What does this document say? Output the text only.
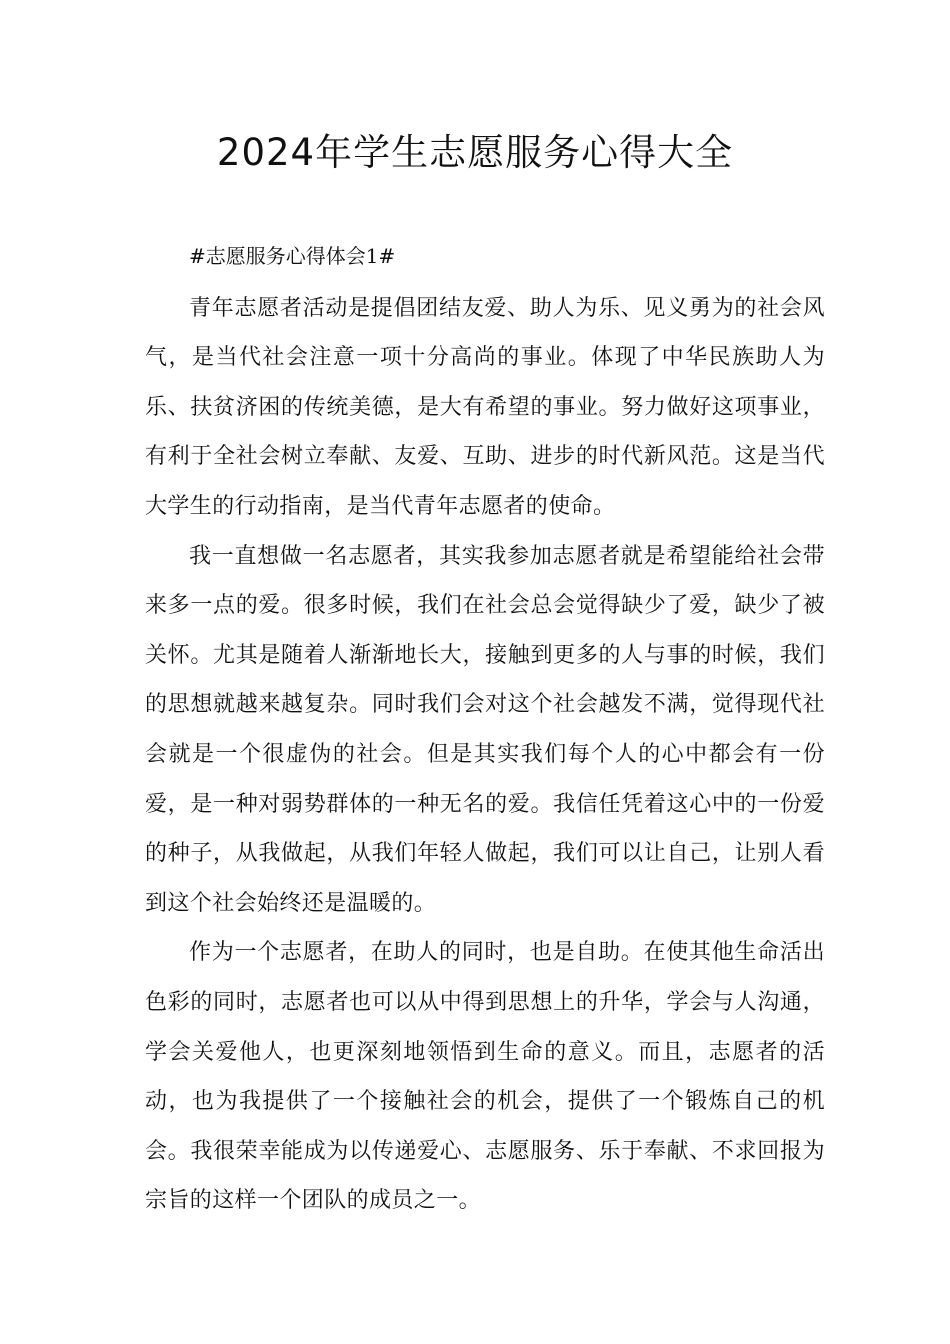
2024年学生志愿服务心得大全

#志愿服务心得体会1#

青年志愿者活动是提倡团结友爱、助人为乐、见义勇为的社会风气，是当代社会注意一项十分高尚的事业。体现了中华民族助人为乐、扶贫济困的传统美德，是大有希望的事业。努力做好这项事业，有利于全社会树立奉献、友爱、互助、进步的时代新风范。这是当代大学生的行动指南，是当代青年志愿者的使命。

我一直想做一名志愿者，其实我参加志愿者就是希望能给社会带来多一点的爱。很多时候，我们在社会总会觉得缺少了爱，缺少了被关怀。尤其是随着人渐渐地长大，接触到更多的人与事的时候，我们的思想就越来越复杂。同时我们会对这个社会越发不满，觉得现代社会就是一个很虚伪的社会。但是其实我们每个人的心中都会有一份爱，是一种对弱势群体的一种无名的爱。我信任凭着这心中的一份爱的种子，从我做起，从我们年轻人做起，我们可以让自己，让别人看到这个社会始终还是温暖的。

作为一个志愿者，在助人的同时，也是自助。在使其他生命活出色彩的同时，志愿者也可以从中得到思想上的升华，学会与人沟通，学会关爱他人，也更深刻地领悟到生命的意义。而且，志愿者的活动，也为我提供了一个接触社会的机会，提供了一个锻炼自己的机会。我很荣幸能成为以传递爱心、志愿服务、乐于奉献、不求回报为宗旨的这样一个团队的成员之一。
